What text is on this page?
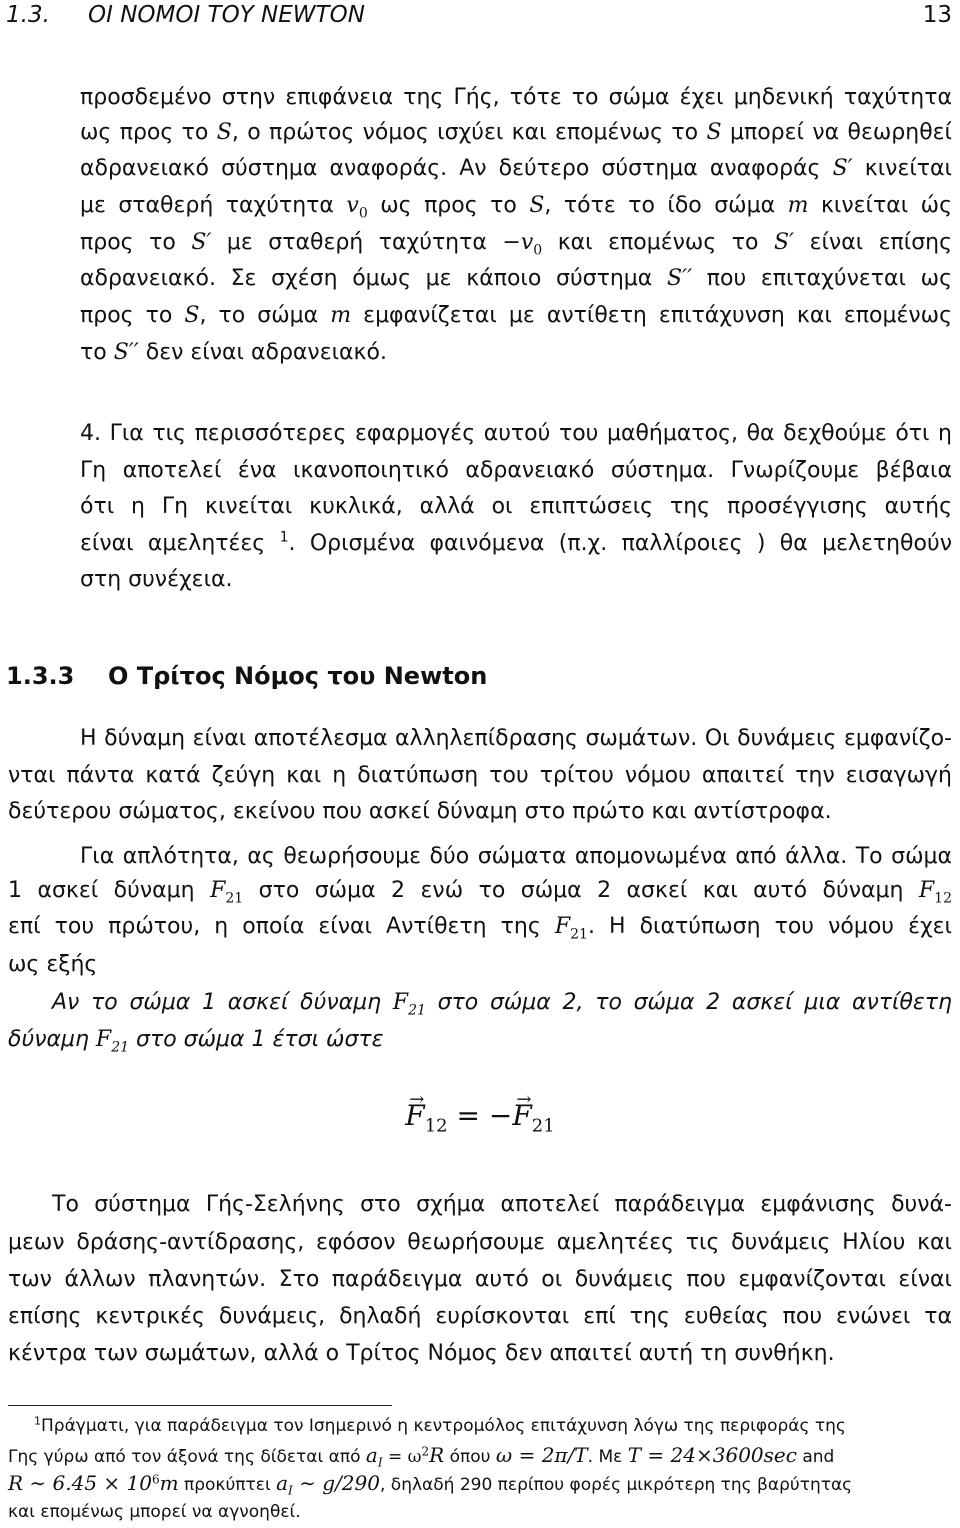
1.3. ΟΙ ΝΟΜΟΙ ΤΟΥ NEWTON	13
προσδεμένο στην επιφάνεια της Γής, τότε το σώμα έχει μηδενική ταχύτητα
ως προς το S, ο πρώτος νόμος ισχύει και επομένως το S μπορεί να θεωρηθεί
αδρανειακό σύστημα αναφοράς. Αν δεύτερο σύστημα αναφοράς S′ κινείται
με σταθερή ταχύτητα $v_0$ ως προς το S, τότε το ίδο σώμα m κινείται ώς
προς το S′ με σταθερή $\tau\alpha\chi ύ\tau\eta\tau\alpha -v_0$ και επομένως το S′ είναι επίσης
αδρανειακό. Σε σχέση όμως με κάποιο σύστημα S′′ που επιταχύνεται ως
προς το S, το σώμα m εμφανίζεται με αντίθετη επιτάχυνση και επομένως
το S′′ δεν είναι αδρανειακό.
4. Για τις περισσότερες εφαρμογές αυτού του μαθήματος, θα δεχθούμε ότι η
Γη αποτελεί ένα ικανοποιητικό αδρανειακό σύστημα. Γνωρίζουμε βέβαια
ότι η Γη κινείται κυκλικά, αλλά οι επιπτώσεις της προσέγγισης αυτής
είναι αμελητέες $^1$. Ορισμένα φαινόμενα (π.χ. παλλίροιες ) θα μελετηθούν
στη συνέχεια.
1.3.3 Ο Τρίτος Νόμος του Newton
Η δύναμη είναι αποτέλεσμα αλληλεπίδρασης σωμάτων. Οι δυνάμεις εμφανίζο-
νται πάντα κατά ζεύγη και η διατύπωση του τρίτου νόμου απαιτεί την εισαγωγή
δεύτερου σώματος, εκείνου που ασκεί δύναμη στο πρώτο και αντίστροφα.
Για απλότητα, ας θεωρήσουμε δύο σώματα απομονωμένα από άλλα. Το σώμα
1 ασκεί δύναμη $F_{21}$ στο σώμα 2 ενώ το σώμα 2 ασκεί και αυτό δύναμη $F_{12}$
επί του πρώτου, η οποία είναι Αντίθετη της $F_{21}$. Η διατύπωση του νόμου έχει
ως εξής
Αν το σώμα 1 ασκεί δύναμη $F_{21}$ στο σώμα 2, το σώμα 2 ασκεί μια αντίθετη
δύναμη $F_{21}$ στο σώμα 1 έτσι ώστε
→ $F_{12}$ = −→ $F_{21}$
Το σύστημα Γής-Σελήνης στο σχήμα αποτελεί παράδειγμα εμφάνισης δυνά-
μεων δράσης-αντίδρασης, εφόσον θεωρήσουμε αμελητέες τις δυνάμεις Ηλίου και
των άλλων πλανητών. Στο παράδειγμα αυτό οι δυνάμεις που εμφανίζονται είναι
επίσης κεντρικές δυνάμεις, δηλαδή ευρίσκονται επί της ευθείας που ενώνει τα
κέντρα των σωμάτων, αλλά ο Τρίτος Νόμος δεν απαιτεί αυτή τη συνθήκη.
$^1$Πράγματι, για παράδειγμα τον Ισημερινό η κεντρομόλος επιτάχυνση λόγω της περιφοράς της
Γης γύρω από τον άξονά της δίδεται από $a_I = \omega^2R$ όπου ω = 2π/T. Με T = 24×3600sec and
R ∼ $6.45 \times 10^6m$ προκύπτει $a_I$ ∼ g/290, δηλαδή 290 περίπου φορές μικρότερη της βαρύτητας
και επομένως μπορεί να αγνοηθεί.
